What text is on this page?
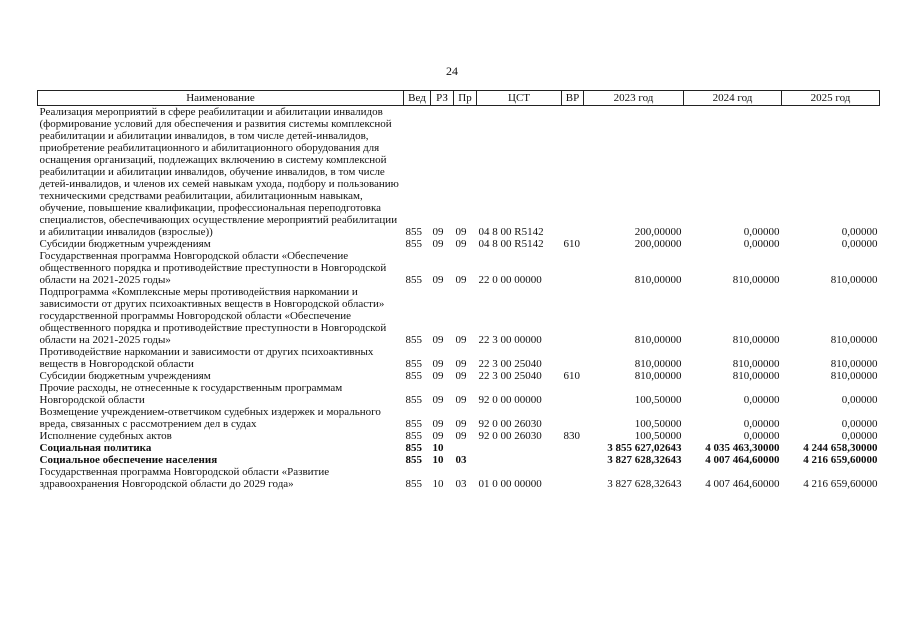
24
Наименование	Вед	РЗ	Пр	ЦСТ	ВР	2023 год	2024 год	2025 год
Реализация мероприятий в сфере реабилитации и абилитации инвалидов (формирование условий для обеспечения и развития системы комплексной реабилитации и абилитации инвалидов, в том числе детей-инвалидов, приобретение реабилитационного и абилитационного оборудования для оснащения организаций, подлежащих включению в систему комплексной реабилитации и абилитации инвалидов, обучение инвалидов, в том числе детей-инвалидов, и членов их семей навыкам ухода, подбору и пользованию техническими средствами реабилитации, абилитационным навыкам, обучение, повышение квалификации, профессиональная переподготовка специалистов, обеспечивающих осуществление мероприятий реабилитации и абилитации инвалидов (взрослые))	855	09	09	04 8 00 R5142		200,00000	0,00000	0,00000
Субсидии бюджетным учреждениям	855	09	09	04 8 00 R5142	610	200,00000	0,00000	0,00000
Государственная программа Новгородской области «Обеспечение общественного порядка и противодействие преступности в Новгородской области на 2021-2025 годы»	855	09	09	22 0 00 00000		810,00000	810,00000	810,00000
Подпрограмма «Комплексные меры противодействия наркомании и зависимости от других психоактивных веществ в Новгородской области» государственной программы Новгородской области «Обеспечение общественного порядка и противодействие преступности в Новгородской области на 2021-2025 годы»	855	09	09	22 3 00 00000		810,00000	810,00000	810,00000
Противодействие наркомании и зависимости от других психоактивных веществ в Новгородской области	855	09	09	22 3 00 25040		810,00000	810,00000	810,00000
Субсидии бюджетным учреждениям	855	09	09	22 3 00 25040	610	810,00000	810,00000	810,00000
Прочие расходы, не отнесенные к государственным программам Новгородской области	855	09	09	92 0 00 00000		100,50000	0,00000	0,00000
Возмещение учреждением-ответчиком судебных издержек и морального вреда, связанных с рассмотрением дел в судах	855	09	09	92 0 00 26030		100,50000	0,00000	0,00000
Исполнение судебных актов	855	09	09	92 0 00 26030	830	100,50000	0,00000	0,00000
Социальная политика	855	10				3 855 627,02643	4 035 463,30000	4 244 658,30000
Социальное обеспечение населения	855	10	03			3 827 628,32643	4 007 464,60000	4 216 659,60000
Государственная программа Новгородской области «Развитие здравоохранения Новгородской области до 2029 года»	855	10	03	01 0 00 00000		3 827 628,32643	4 007 464,60000	4 216 659,60000
